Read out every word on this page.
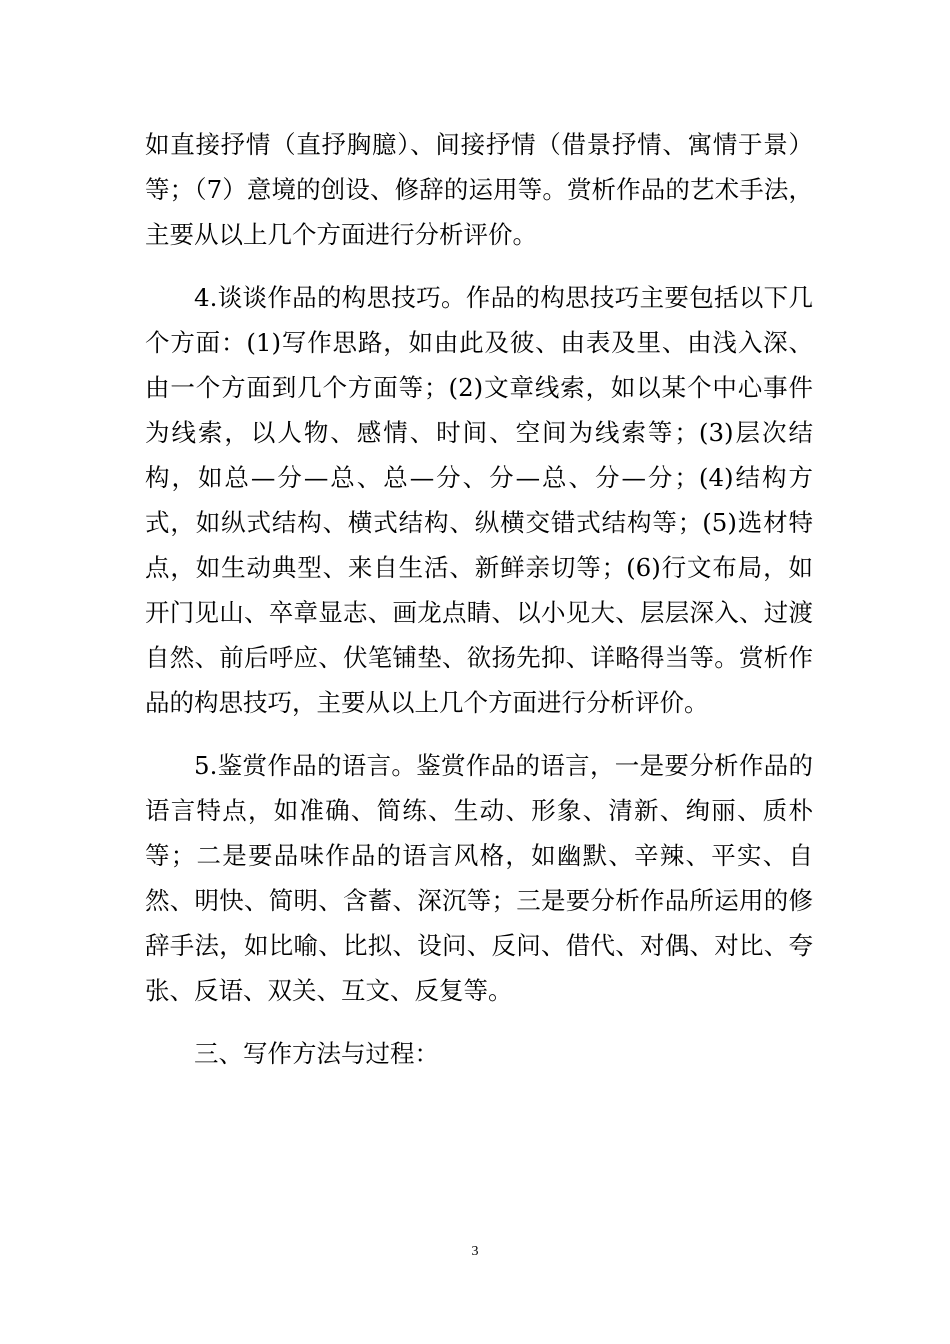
如直接抒情（直抒胸臆）、间接抒情（借景抒情、寓情于景）等；（7）意境的创设、修辞的运用等。赏析作品的艺术手法，主要从以上几个方面进行分析评价。

4.谈谈作品的构思技巧。作品的构思技巧主要包括以下几个方面：(1)写作思路，如由此及彼、由表及里、由浅入深、由一个方面到几个方面等；(2)文章线索，如以某个中心事件为线索，以人物、感情、时间、空间为线索等；(3)层次结构，如总—分—总、总—分、分—总、分—分；(4)结构方式，如纵式结构、横式结构、纵横交错式结构等；(5)选材特点，如生动典型、来自生活、新鲜亲切等；(6)行文布局，如开门见山、卒章显志、画龙点睛、以小见大、层层深入、过渡自然、前后呼应、伏笔铺垫、欲扬先抑、详略得当等。赏析作品的构思技巧，主要从以上几个方面进行分析评价。

5.鉴赏作品的语言。鉴赏作品的语言，一是要分析作品的语言特点，如准确、简练、生动、形象、清新、绚丽、质朴等；二是要品味作品的语言风格，如幽默、辛辣、平实、自然、明快、简明、含蓄、深沉等；三是要分析作品所运用的修辞手法，如比喻、比拟、设问、反问、借代、对偶、对比、夸张、反语、双关、互文、反复等。

三、写作方法与过程：

3
